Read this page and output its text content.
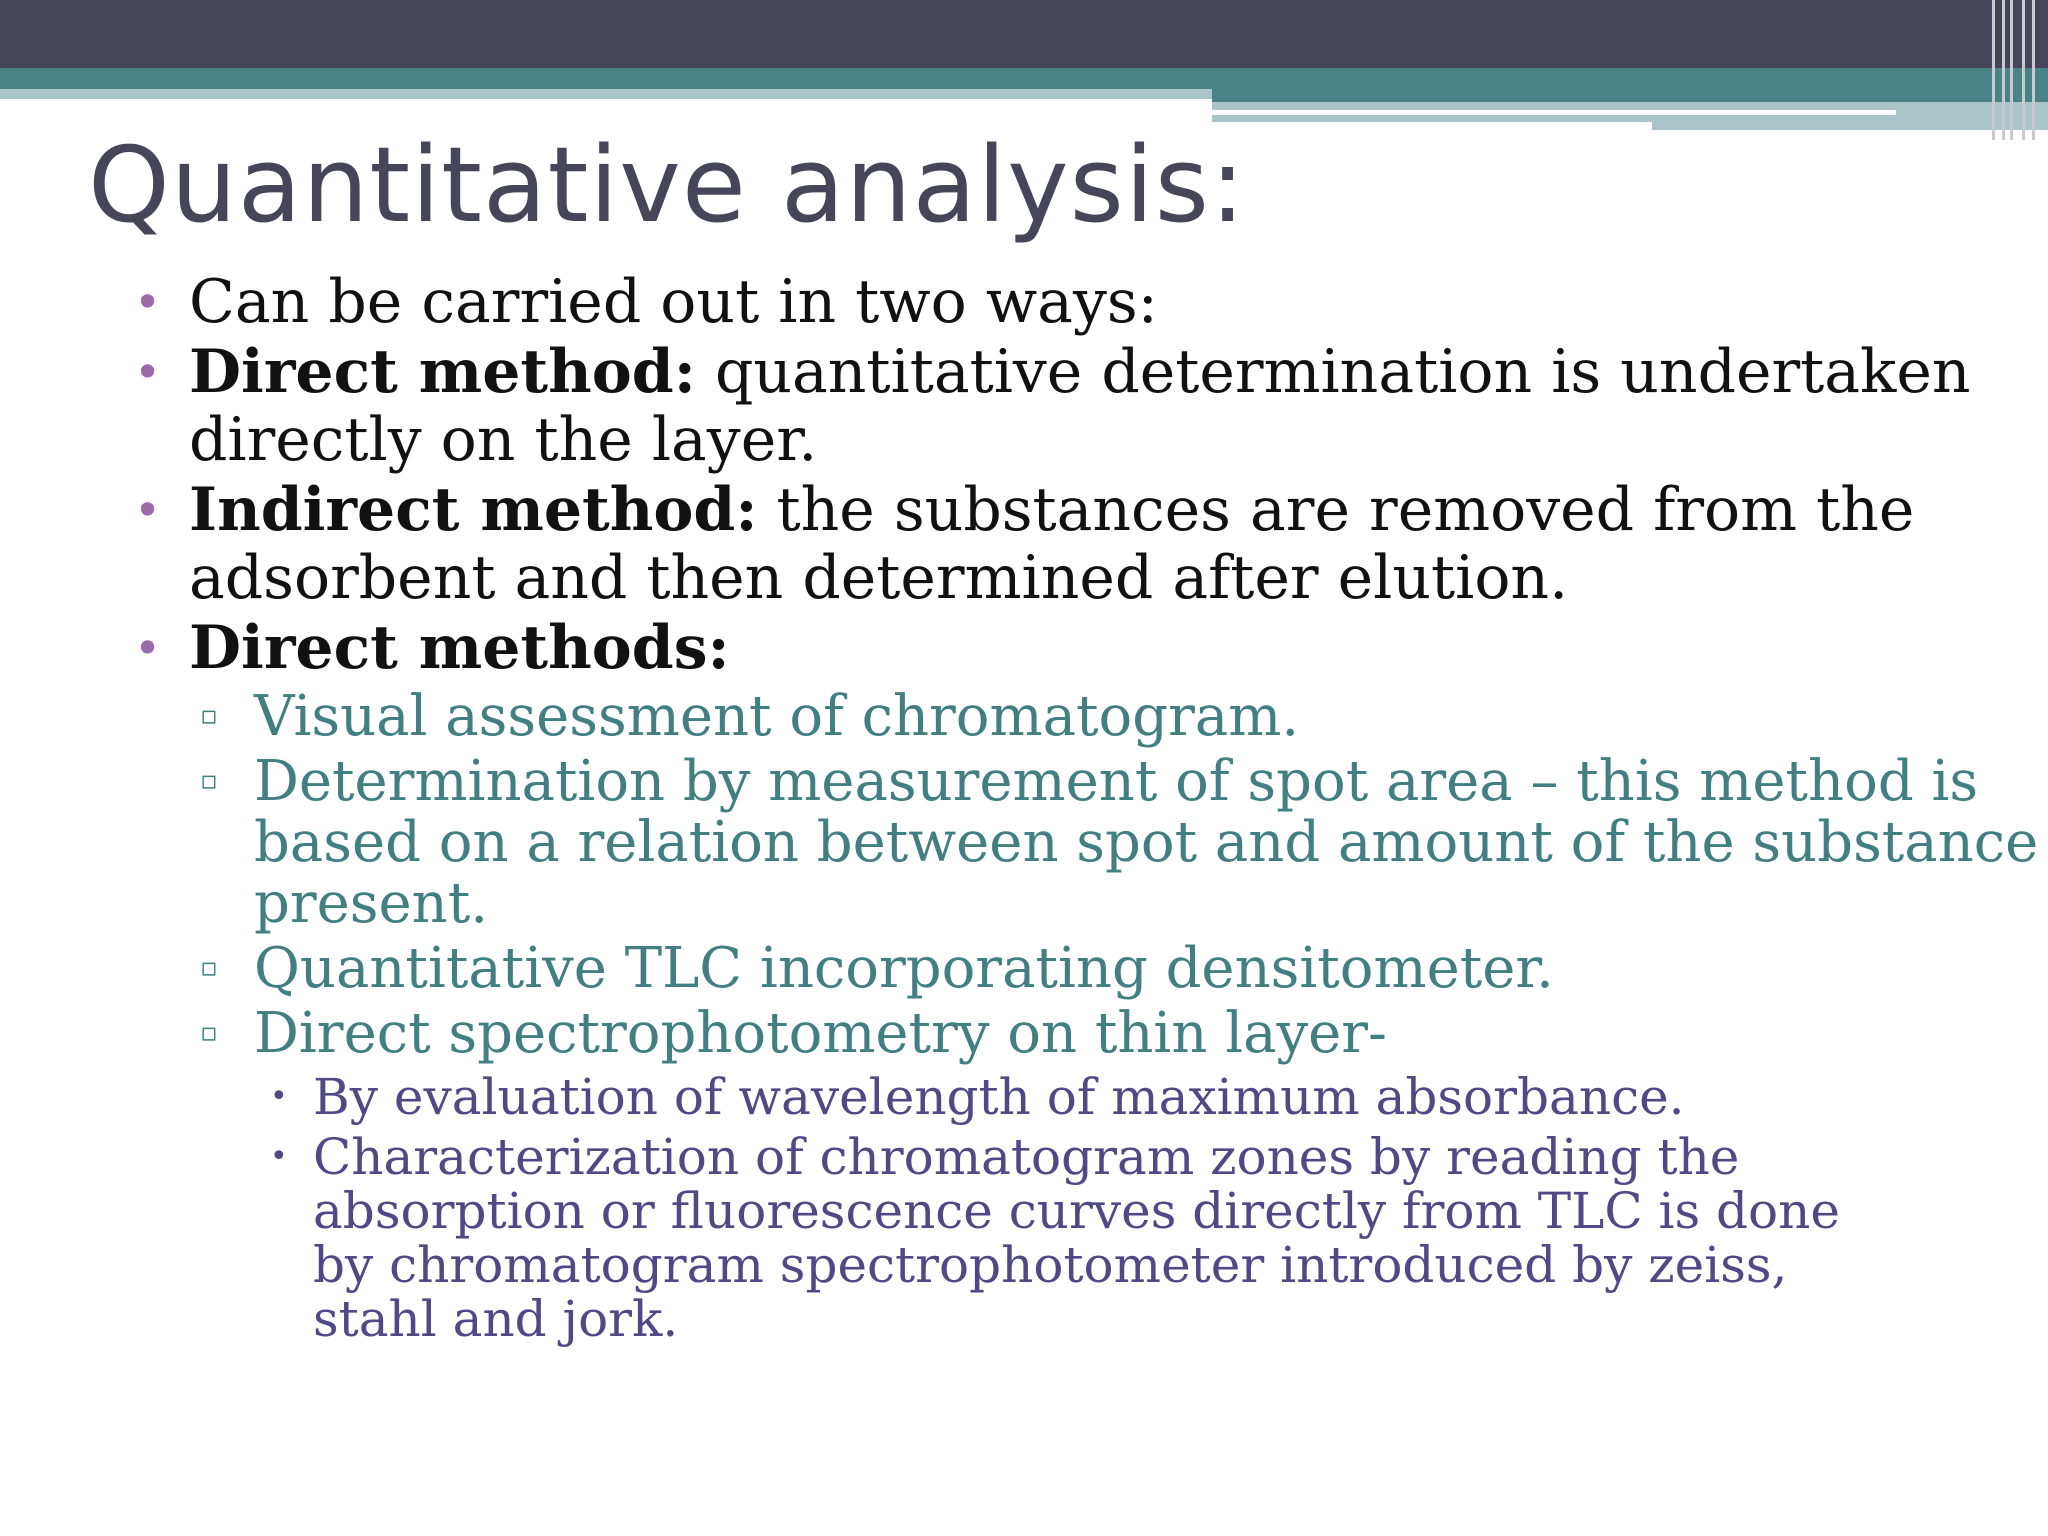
Quantitative analysis:
• Can be carried out in two ways:
• Direct method: quantitative determination is undertaken directly on the layer.
• Indirect method: the substances are removed from the adsorbent and then determined after elution.
• Direct methods:
▫ Visual assessment of chromatogram.
▫ Determination by measurement of spot area – this method is based on a relation between spot and amount of the substance present.
▫ Quantitative TLC incorporating densitometer.
▫ Direct spectrophotometry on thin layer-
• By evaluation of wavelength of maximum absorbance.
• Characterization of chromatogram zones by reading the absorption or fluorescence curves directly from TLC is done by chromatogram spectrophotometer introduced by zeiss, stahl and jork.
